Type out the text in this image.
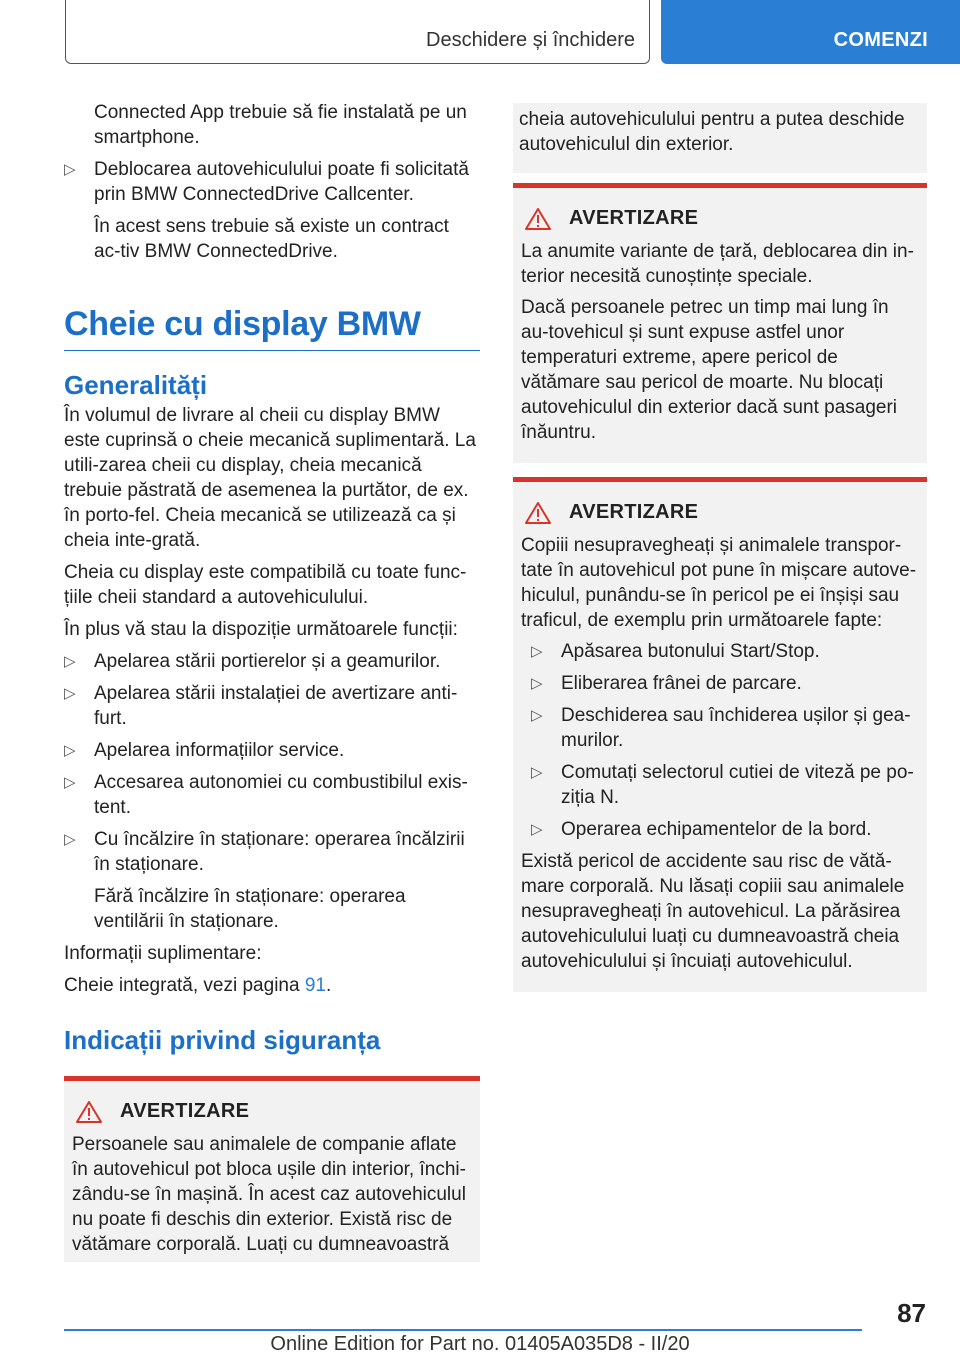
Deschidere și închidere	COMENZI

Connected App trebuie să fie instalată pe un smartphone.

▷ Deblocarea autovehiculului poate fi solicitată prin BMW ConnectedDrive Callcenter.

În acest sens trebuie să existe un contract ac‐tiv BMW ConnectedDrive.

Cheie cu display BMW
Generalități

În volumul de livrare al cheii cu display BMW este cuprinsă o cheie mecanică suplimentară. La utili‐zarea cheii cu display, cheia mecanică trebuie păstrată de asemenea la purtător, de ex. în porto‐fel. Cheia mecanică se utilizează ca și cheia inte‐grată.

Cheia cu display este compatibilă cu toate func‐țiile cheii standard a autovehiculului.

În plus vă stau la dispoziție următoarele funcții:

▷ Apelarea stării portierelor și a geamurilor.
▷ Apelarea stării instalației de avertizare anti‐furt.
▷ Apelarea informațiilor service.
▷ Accesarea autonomiei cu combustibilul exis‐tent.
▷ Cu încălzire în staționare: operarea încălzirii în staționare.

Fără încălzire în staționare: operarea ventilării în staționare.

Informații suplimentare:

Cheie integrată, vezi pagina 91.

Indicații privind siguranța
AVERTIZARE

Persoanele sau animalele de companie aflate în autovehicul pot bloca ușile din interior, închi‐zându-se în mașină. În acest caz autovehiculul nu poate fi deschis din exterior. Există risc de vătămare corporală. Luați cu dumneavoastră

cheia autovehiculului pentru a putea deschide autovehiculul din exterior.

AVERTIZARE

La anumite variante de țară, deblocarea din in‐terior necesită cunoștințe speciale.

Dacă persoanele petrec un timp mai lung în au‐tovehicul și sunt expuse astfel unor temperaturi extreme, apere pericol de vătămare sau pericol de moarte. Nu blocați autovehiculul din exterior dacă sunt pasageri înăuntru.

AVERTIZARE

Copiii nesupravegheați și animalele transpor‐tate în autovehicul pot pune în mișcare autove‐hiculul, punându-se în pericol pe ei înșiși sau traficul, de exemplu prin următoarele fapte:

▷ Apăsarea butonului Start/Stop.
▷ Eliberarea frânei de parcare.
▷ Deschiderea sau închiderea ușilor și gea‐murilor.
▷ Comutați selectorul cutiei de viteză pe po‐ziția N.
▷ Operarea echipamentelor de la bord.

Există pericol de accidente sau risc de vătă‐mare corporală. Nu lăsați copiii sau animalele nesupravegheați în autovehicul. La părăsirea autovehiculului luați cu dumneavoastră cheia autovehiculului și încuiați autovehiculul.

87
Online Edition for Part no. 01405A035D8 - II/20
